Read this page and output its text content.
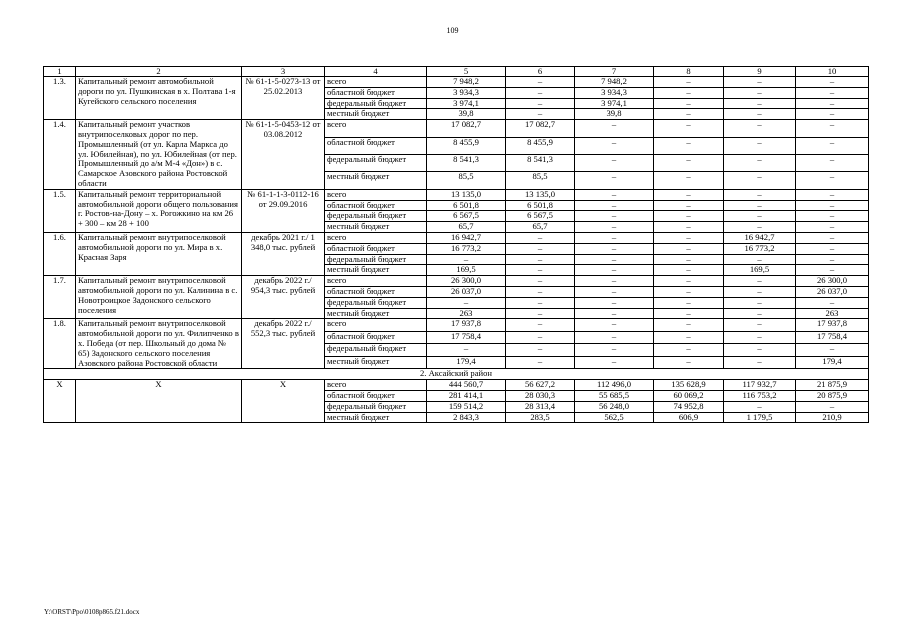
109
1	2	3	4	5	6	7	8	9	10
1.3.	Капитальный ремонт автомобильной дороги по ул. Пушкинская в х. Полтава 1-я Кугейского сельского поселения	№ 61-1-5-0273-13 от 25.02.2013	всего	7 948,2	–	7 948,2	–	–	–
			областной бюджет	3 934,3	–	3 934,3	–	–	–
			федеральный бюджет	3 974,1	–	3 974,1	–	–	–
			местный бюджет	39,8	–	39,8	–	–	–
1.4.	Капитальный ремонт участков внутрипоселковых дорог по пер. Промышленный (от ул. Карла Маркса до ул. Юбилейная), по ул. Юбилейная (от пер. Промышленный до а/м М-4 «Дон») в с. Самарское Азовского района Ростовской области	№ 61-1-5-0453-12 от 03.08.2012	всего	17 082,7	17 082,7	–	–	–	–
			областной бюджет	8 455,9	8 455,9	–	–	–	–
			федеральный бюджет	8 541,3	8 541,3	–	–	–	–
			местный бюджет	85,5	85,5	–	–	–	–
1.5.	Капитальный ремонт территориальной автомобильной дороги общего пользования г. Ростов-на-Дону – х. Рогожкино на км 26 + 300 – км 28 + 100	№ 61-1-1-3-0112-16 от 29.09.2016	всего	13 135,0	13 135,0	–	–	–	–
			областной бюджет	6 501,8	6 501,8	–	–	–	–
			федеральный бюджет	6 567,5	6 567,5	–	–	–	–
			местный бюджет	65,7	65,7	–	–	–	–
1.6.	Капитальный ремонт внутрипоселковой автомобильной дороги по ул. Мира в х. Красная Заря	декабрь 2021 г./ 1 348,0 тыс. рублей	всего	16 942,7	–	–	–	16 942,7	–
			областной бюджет	16 773,2	–	–	–	16 773,2	–
			федеральный бюджет	–	–	–	–	–	–
			местный бюджет	169,5	–	–	–	169,5	–
1.7.	Капитальный ремонт внутрипоселковой автомобильной дороги по ул. Калинина в с. Новотроицкое Задонского сельского поселения	декабрь 2022 г./ 954,3 тыс. рублей	всего	26 300,0	–	–	–	–	26 300,0
			областной бюджет	26 037,0	–	–	–	–	26 037,0
			федеральный бюджет	–	–	–	–	–	–
			местный бюджет	263	–	–	–	–	263
1.8.	Капитальный ремонт внутрипоселковой автомобильной дороги по ул. Филипченко в х. Победа (от пер. Школьный до дома № 65) Задонского сельского поселения Азовского района Ростовской области	декабрь 2022 г./ 552,3 тыс. рублей	всего	17 937,8	–	–	–	–	17 937,8
			областной бюджет	17 758,4	–	–	–	–	17 758,4
			федеральный бюджет	–	–	–	–	–	–
			местный бюджет	179,4	–	–	–	–	179,4
2. Аксайский район									
Х	Х	Х	всего	444 560,7	56 627,2	112 496,0	135 628,9	117 932,7	21 875,9
			областной бюджет	281 414,1	28 030,3	55 685,5	60 069,2	116 753,2	20 875,9
			федеральный бюджет	159 514,2	28 313,4	56 248,0	74 952,8	–	–
			местный бюджет	2 843,3	283,5	562,5	606,9	1 179,5	210,9
Y:\ORST\Ppo\0108p865.f21.docx
